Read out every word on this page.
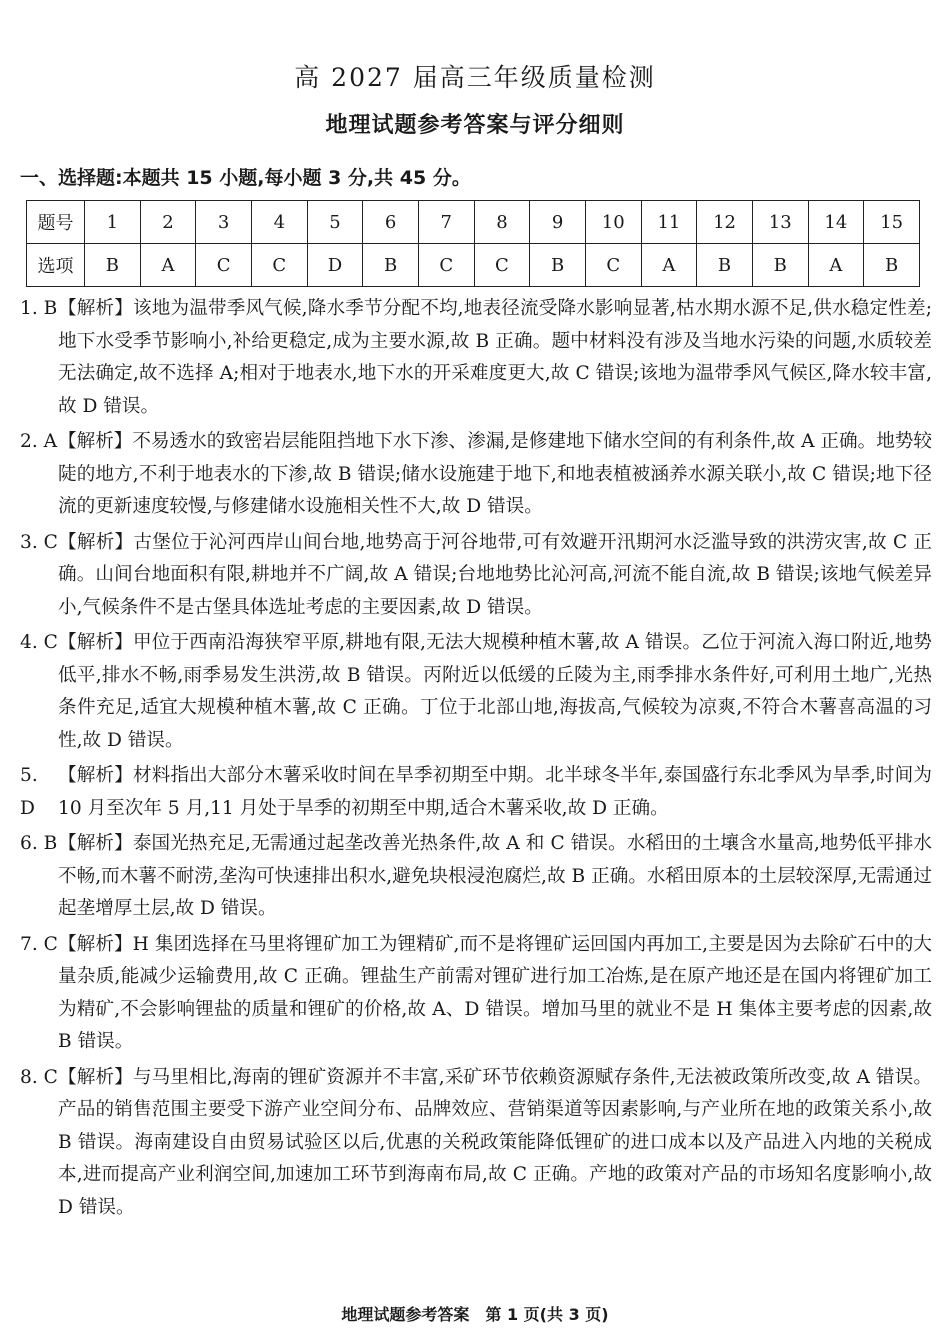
高 2027 届高三年级质量检测
地理试题参考答案与评分细则
一、选择题:本题共 15 小题,每小题 3 分,共 45 分。
题号	1	2	3	4	5	6	7	8	9	10	11	12	13	14	15
选项	B	A	C	C	D	B	C	C	B	C	A	B	B	A	B
1. B 【解析】该地为温带季风气候,降水季节分配不均,地表径流受降水影响显著,枯水期水源不足,供水稳定性差;地下水受季节影响小,补给更稳定,成为主要水源,故 B 正确。题中材料没有涉及当地水污染的问题,水质较差无法确定,故不选择 A;相对于地表水,地下水的开采难度更大,故 C 错误;该地为温带季风气候区,降水较丰富,故 D 错误。
2. A 【解析】不易透水的致密岩层能阻挡地下水下渗、渗漏,是修建地下储水空间的有利条件,故 A 正确。地势较陡的地方,不利于地表水的下渗,故 B 错误;储水设施建于地下,和地表植被涵养水源关联小,故 C 错误;地下径流的更新速度较慢,与修建储水设施相关性不大,故 D 错误。
3. C 【解析】古堡位于沁河西岸山间台地,地势高于河谷地带,可有效避开汛期河水泛滥导致的洪涝灾害,故 C 正确。山间台地面积有限,耕地并不广阔,故 A 错误;台地地势比沁河高,河流不能自流,故 B 错误;该地气候差异小,气候条件不是古堡具体选址考虑的主要因素,故 D 错误。
4. C 【解析】甲位于西南沿海狭窄平原,耕地有限,无法大规模种植木薯,故 A 错误。乙位于河流入海口附近,地势低平,排水不畅,雨季易发生洪涝,故 B 错误。丙附近以低缓的丘陵为主,雨季排水条件好,可利用土地广,光热条件充足,适宜大规模种植木薯,故 C 正确。丁位于北部山地,海拔高,气候较为凉爽,不符合木薯喜高温的习性,故 D 错误。
5. D
【解析】材料指出大部分木薯采收时间在旱季初期至中期。北半球冬半年,泰国盛行东北季风为旱季,时间为 10 月至次年 5 月,11 月处于旱季的初期至中期,适合木薯采收,故 D 正确。
6. B 【解析】泰国光热充足,无需通过起垄改善光热条件,故 A 和 C 错误。水稻田的土壤含水量高,地势低平排水不畅,而木薯不耐涝,垄沟可快速排出积水,避免块根浸泡腐烂,故 B 正确。水稻田原本的土层较深厚,无需通过起垄增厚土层,故 D 错误。
7. C 【解析】H 集团选择在马里将锂矿加工为锂精矿,而不是将锂矿运回国内再加工,主要是因为去除矿石中的大量杂质,能减少运输费用,故 C 正确。锂盐生产前需对锂矿进行加工冶炼,是在原产地还是在国内将锂矿加工为精矿,不会影响锂盐的质量和锂矿的价格,故 A、D 错误。增加马里的就业不是 H 集体主要考虑的因素,故 B 错误。
8. C 【解析】与马里相比,海南的锂矿资源并不丰富,采矿环节依赖资源赋存条件,无法被政策所改变,故 A 错误。产品的销售范围主要受下游产业空间分布、品牌效应、营销渠道等因素影响,与产业所在地的政策关系小,故 B 错误。海南建设自由贸易试验区以后,优惠的关税政策能降低锂矿的进口成本以及产品进入内地的关税成本,进而提高产业利润空间,加速加工环节到海南布局,故 C 正确。产地的政策对产品的市场知名度影响小,故 D 错误。
地理试题参考答案　第 1 页(共 3 页)
